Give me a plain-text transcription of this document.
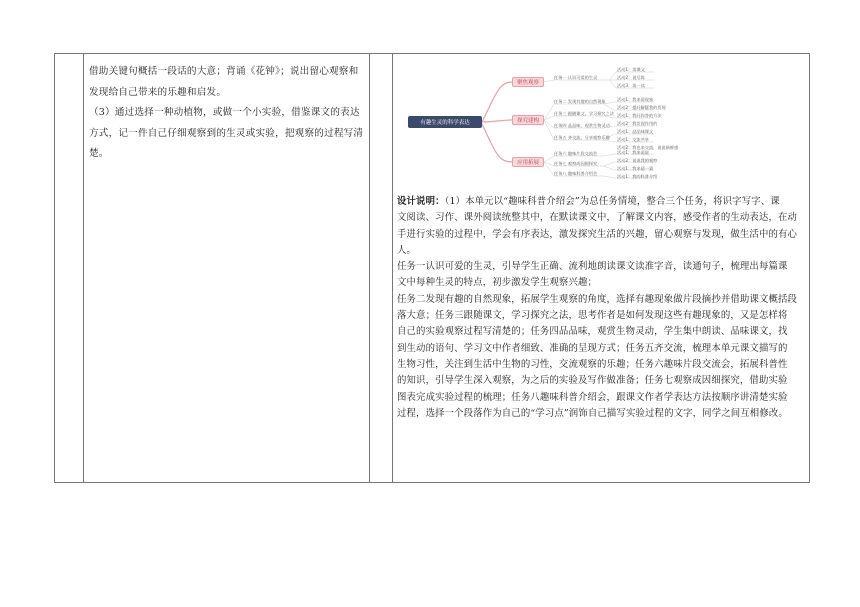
借助关键句概括一段话的大意；背诵《花钟》；说出留心观察和

发现给自己带来的乐趣和启发。

（3）通过选择一种动植物，或做一个小实验，借鉴课文的表达

方式，记一件自己仔细观察到的生灵或实验，把观察的过程写清

楚。

有趣生灵的科学表达
聚焦观察
探究建构
应用拓展
任务一 认识可爱的生灵
任务二 发现有趣的自然现象
任务三 跟随课文，学习探究之法
任务四 品品味，观赏生物灵动
任务五 齐交流，分享观察乐趣
任务六 趣味片段交流会
任务七 观察成因细探究
任务八 趣味科普介绍会
活动1：读课文
活动2：说写练
活动3：读一读
活动1：我来说现象
活动2：提问解疑我的发现
活动1：我问你答的方法
活动2：我发现作用的
活动1：品品味课文
活动1：交流共享
活动2：我也来交流，说说新鲜感
活动1：我来说说
活动2：说说我的观察
活动1：我来猜一猜
活动1：我的科普介绍
设计说明：（1）本单元以“趣味科普介绍会”为总任务情境，整合三个任务，将识字写字、课
文阅读、习作、课外阅读统整其中，在默读课文中，了解课文内容，感受作者的生动表达，在动
手进行实验的过程中，学会有序表达，激发探究生活的兴趣，留心观察与发现，做生活中的有心
人。
任务一认识可爱的生灵，引导学生正确、流利地朗读课文读准字音，读通句子，梳理出每篇课
文中每种生灵的特点，初步激发学生观察兴趣；
任务二发现有趣的自然现象，拓展学生观察的角度，选择有趣现象做片段摘抄并借助课文概括段
落大意；任务三跟随课文，学习探究之法，思考作者是如何发现这些有趣现象的，又是怎样将
自己的实验观察过程写清楚的；任务四品品味，观赏生物灵动，学生集中朗读、品味课文，找
到生动的语句、学习文中作者细致、准确的呈现方式；任务五齐交流，梳理本单元课文描写的
生物习性，关注到生活中生物的习性，交流观察的乐趣；任务六趣味片段交流会，拓展科普性
的知识，引导学生深入观察，为之后的实验及写作做准备；任务七观察成因细探究，借助实验
图表完成实验过程的梳理；任务八趣味科普介绍会，跟课文作者学表达方法按顺序讲清楚实验
过程，选择一个段落作为自己的“学习点”润饰自己描写实验过程的文字，同学之间互相修改。
